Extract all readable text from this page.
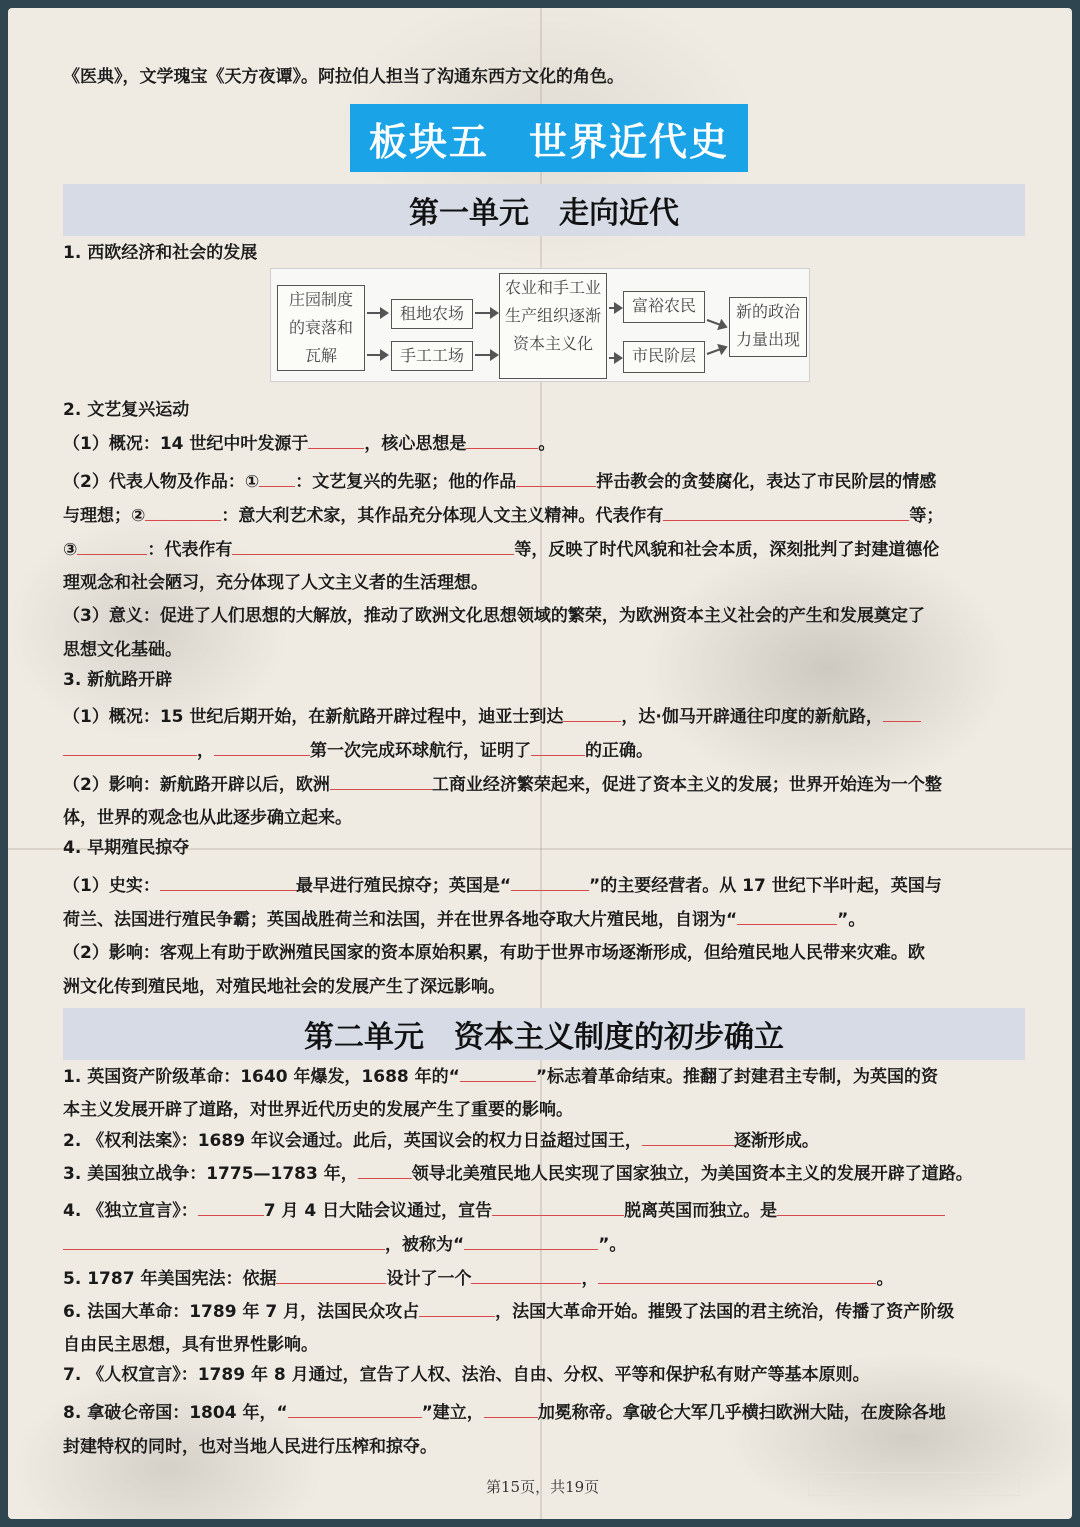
《医典》，文学瑰宝《天方夜谭》。阿拉伯人担当了沟通东西方文化的角色。
板块五　世界近代史
第一单元　走向近代
1. 西欧经济和社会的发展
庄园制度的衰落和瓦解
租地农场
手工工场
农业和手工业生产组织逐渐资本主义化
富裕农民
市民阶层
新的政治力量出现
2. 文艺复兴运动
（1）概况：14 世纪中叶发源于	，核心思想是	。
（2）代表人物及作品：① ：文艺复兴的先驱；他的作品	抨击教会的贪婪腐化，表达了市民阶层的情感
与理想；②	：意大利艺术家，其作品充分体现人文主义精神。代表作有	等；
③	：代表作有	等，反映了时代风貌和社会本质，深刻批判了封建道德伦
理观念和社会陋习，充分体现了人文主义者的生活理想。
（3）意义：促进了人们思想的大解放，推动了欧洲文化思想领域的繁荣，为欧洲资本主义社会的产生和发展奠定了
思想文化基础。
3. 新航路开辟
（1）概况：15 世纪后期开始，在新航路开辟过程中，迪亚士到达	，达·伽马开辟通往印度的新航路，
，	第一次完成环球航行，证明了	的正确。
（2）影响：新航路开辟以后，欧洲	工商业经济繁荣起来，促进了资本主义的发展；世界开始连为一个整
体，世界的观念也从此逐步确立起来。
4. 早期殖民掠夺
（1）史实：	最早进行殖民掠夺；英国是“	”的主要经营者。从 17 世纪下半叶起，英国与
荷兰、法国进行殖民争霸；英国战胜荷兰和法国，并在世界各地夺取大片殖民地，自诩为“	”。
（2）影响：客观上有助于欧洲殖民国家的资本原始积累，有助于世界市场逐渐形成，但给殖民地人民带来灾难。欧
洲文化传到殖民地，对殖民地社会的发展产生了深远影响。
第二单元　资本主义制度的初步确立
1. 英国资产阶级革命：1640 年爆发，1688 年的“	”标志着革命结束。推翻了封建君主专制，为英国的资
本主义发展开辟了道路，对世界近代历史的发展产生了重要的影响。
2. 《权利法案》：1689 年议会通过。此后，英国议会的权力日益超过国王，	逐渐形成。
3. 美国独立战争：1775—1783 年，	领导北美殖民地人民实现了国家独立，为美国资本主义的发展开辟了道路。
4. 《独立宣言》：	7 月 4 日大陆会议通过，宣告	脱离英国而独立。是
，被称为“	”。
5. 1787 年美国宪法：依据	设计了一个	，	。
6. 法国大革命：1789 年 7 月，法国民众攻占	，法国大革命开始。摧毁了法国的君主统治，传播了资产阶级
自由民主思想，具有世界性影响。
7. 《人权宣言》：1789 年 8 月通过，宣告了人权、法治、自由、分权、平等和保护私有财产等基本原则。
8. 拿破仑帝国：1804 年，“	”建立，	加冕称帝。拿破仑大军几乎横扫欧洲大陆，在废除各地
封建特权的同时，也对当地人民进行压榨和掠夺。
第15页，共19页
